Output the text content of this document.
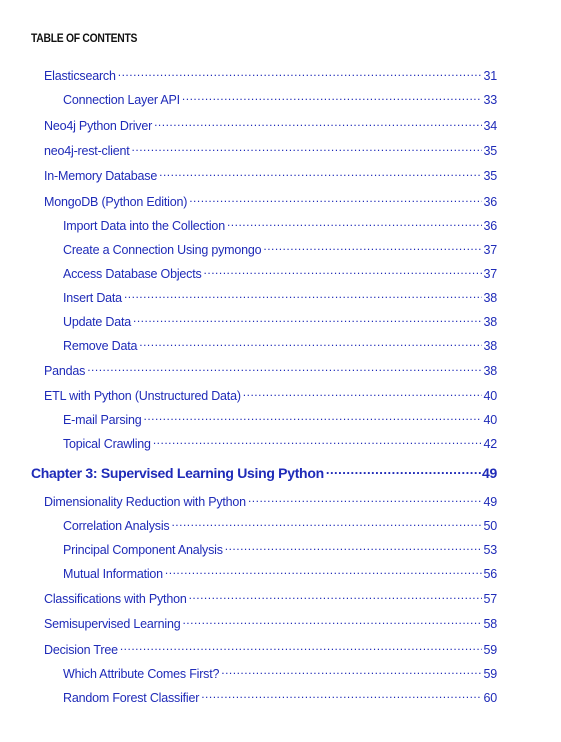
TABLE OF CONTENTS
Elasticsearch .....	31
Connection Layer API .....	33
Neo4j Python Driver .....	34
neo4j-rest-client .....	35
In-Memory Database .....	35
MongoDB (Python Edition) .....	36
Import Data into the Collection .....	36
Create a Connection Using pymongo .....	37
Access Database Objects .....	37
Insert Data .....	38
Update Data .....	38
Remove Data .....	38
Pandas .....	38
ETL with Python (Unstructured Data) .....	40
E-mail Parsing .....	40
Topical Crawling .....	42
Chapter 3: Supervised Learning Using Python .....	49
Dimensionality Reduction with Python .....	49
Correlation Analysis .....	50
Principal Component Analysis .....	53
Mutual Information .....	56
Classifications with Python .....	57
Semisupervised Learning .....	58
Decision Tree .....	59
Which Attribute Comes First? .....	59
Random Forest Classifier .....	60
